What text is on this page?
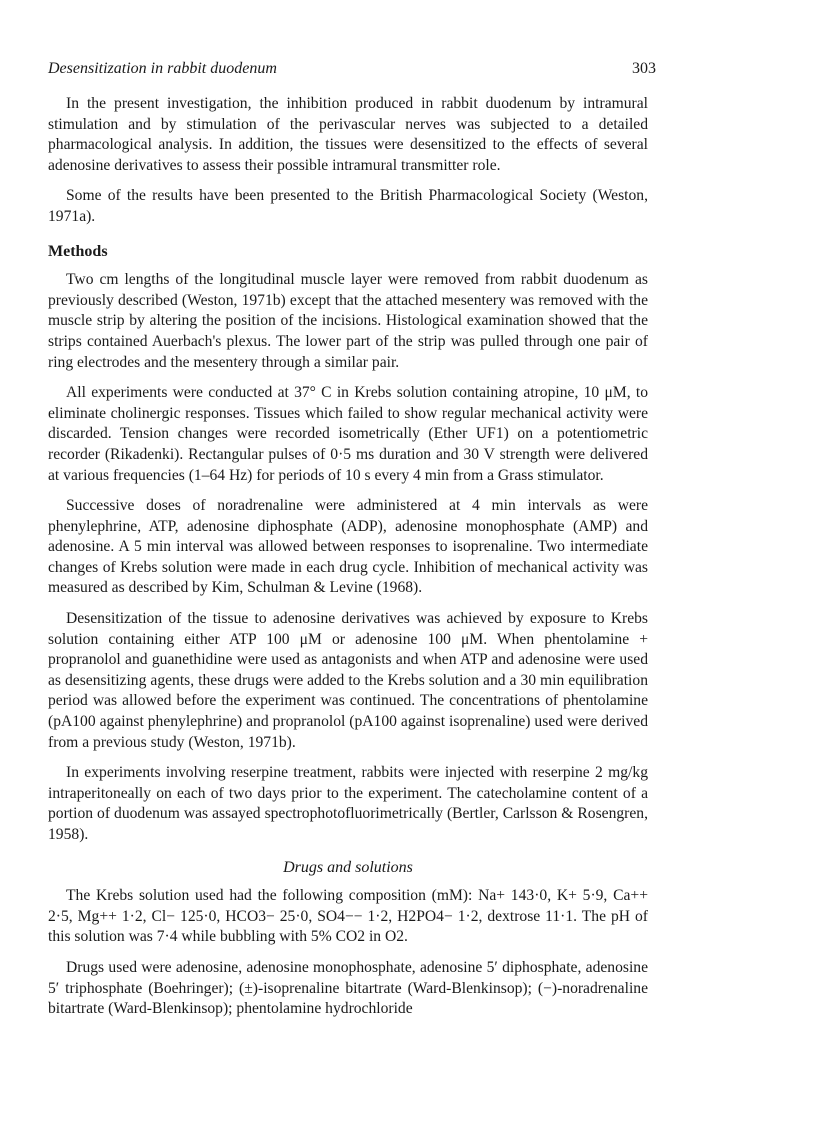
Desensitization in rabbit duodenum	303

In the present investigation, the inhibition produced in rabbit duodenum by intramural stimulation and by stimulation of the perivascular nerves was subjected to a detailed pharmacological analysis. In addition, the tissues were desensitized to the effects of several adenosine derivatives to assess their possible intramural transmitter role.

Some of the results have been presented to the British Pharmacological Society (Weston, 1971a).

Methods

Two cm lengths of the longitudinal muscle layer were removed from rabbit duodenum as previously described (Weston, 1971b) except that the attached mesentery was removed with the muscle strip by altering the position of the incisions. Histological examination showed that the strips contained Auerbach's plexus. The lower part of the strip was pulled through one pair of ring electrodes and the mesentery through a similar pair.

All experiments were conducted at 37° C in Krebs solution containing atropine, 10 μM, to eliminate cholinergic responses. Tissues which failed to show regular mechanical activity were discarded. Tension changes were recorded isometrically (Ether UF1) on a potentiometric recorder (Rikadenki). Rectangular pulses of 0·5 ms duration and 30 V strength were delivered at various frequencies (1–64 Hz) for periods of 10 s every 4 min from a Grass stimulator.

Successive doses of noradrenaline were administered at 4 min intervals as were phenylephrine, ATP, adenosine diphosphate (ADP), adenosine monophosphate (AMP) and adenosine. A 5 min interval was allowed between responses to isoprenaline. Two intermediate changes of Krebs solution were made in each drug cycle. Inhibition of mechanical activity was measured as described by Kim, Schulman & Levine (1968).

Desensitization of the tissue to adenosine derivatives was achieved by exposure to Krebs solution containing either ATP 100 μM or adenosine 100 μM. When phentolamine + propranolol and guanethidine were used as antagonists and when ATP and adenosine were used as desensitizing agents, these drugs were added to the Krebs solution and a 30 min equilibration period was allowed before the experiment was continued. The concentrations of phentolamine (pA100 against phenylephrine) and propranolol (pA100 against isoprenaline) used were derived from a previous study (Weston, 1971b).

In experiments involving reserpine treatment, rabbits were injected with reserpine 2 mg/kg intraperitoneally on each of two days prior to the experiment. The catecholamine content of a portion of duodenum was assayed spectrophotofluorimetrically (Bertler, Carlsson & Rosengren, 1958).

Drugs and solutions

The Krebs solution used had the following composition (mM): Na+ 143·0, K+ 5·9, Ca++ 2·5, Mg++ 1·2, Cl− 125·0, HCO3− 25·0, SO4−− 1·2, H2PO4− 1·2, dextrose 11·1. The pH of this solution was 7·4 while bubbling with 5% CO2 in O2.

Drugs used were adenosine, adenosine monophosphate, adenosine 5′ diphosphate, adenosine 5′ triphosphate (Boehringer); (±)-isoprenaline bitartrate (Ward-Blenkinsop); (−)-noradrenaline bitartrate (Ward-Blenkinsop); phentolamine hydrochloride
